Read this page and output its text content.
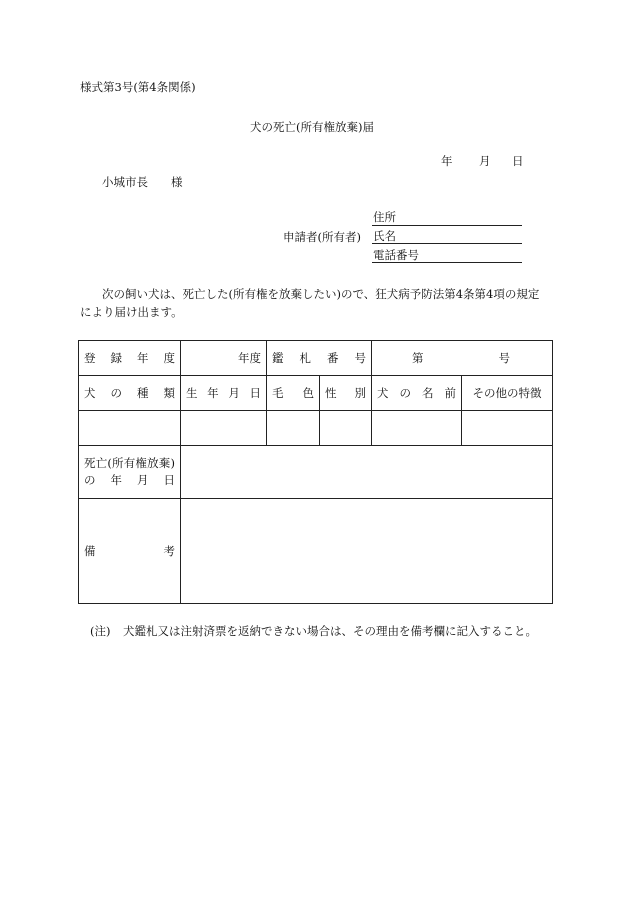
様式第3号(第4条関係)
犬の死亡(所有権放棄)届
年 月 日
小城市長 様
申請者(所有者)
住所
氏名
電話番号
次の飼い犬は、死亡した(所有権を放棄したい)ので、狂犬病予防法第4条第4項の規定
により届け出ます。
登 録 年 度	年度	鑑 札 番 号		第 号	

犬 の 種 類	生 年 月 日	毛 色	性 別	犬 の 名 前	その他の特徴

死亡(所有権放棄)の年月日					

備 考					

(注) 犬鑑札又は注射済票を返納できない場合は、その理由を備考欄に記入すること。
